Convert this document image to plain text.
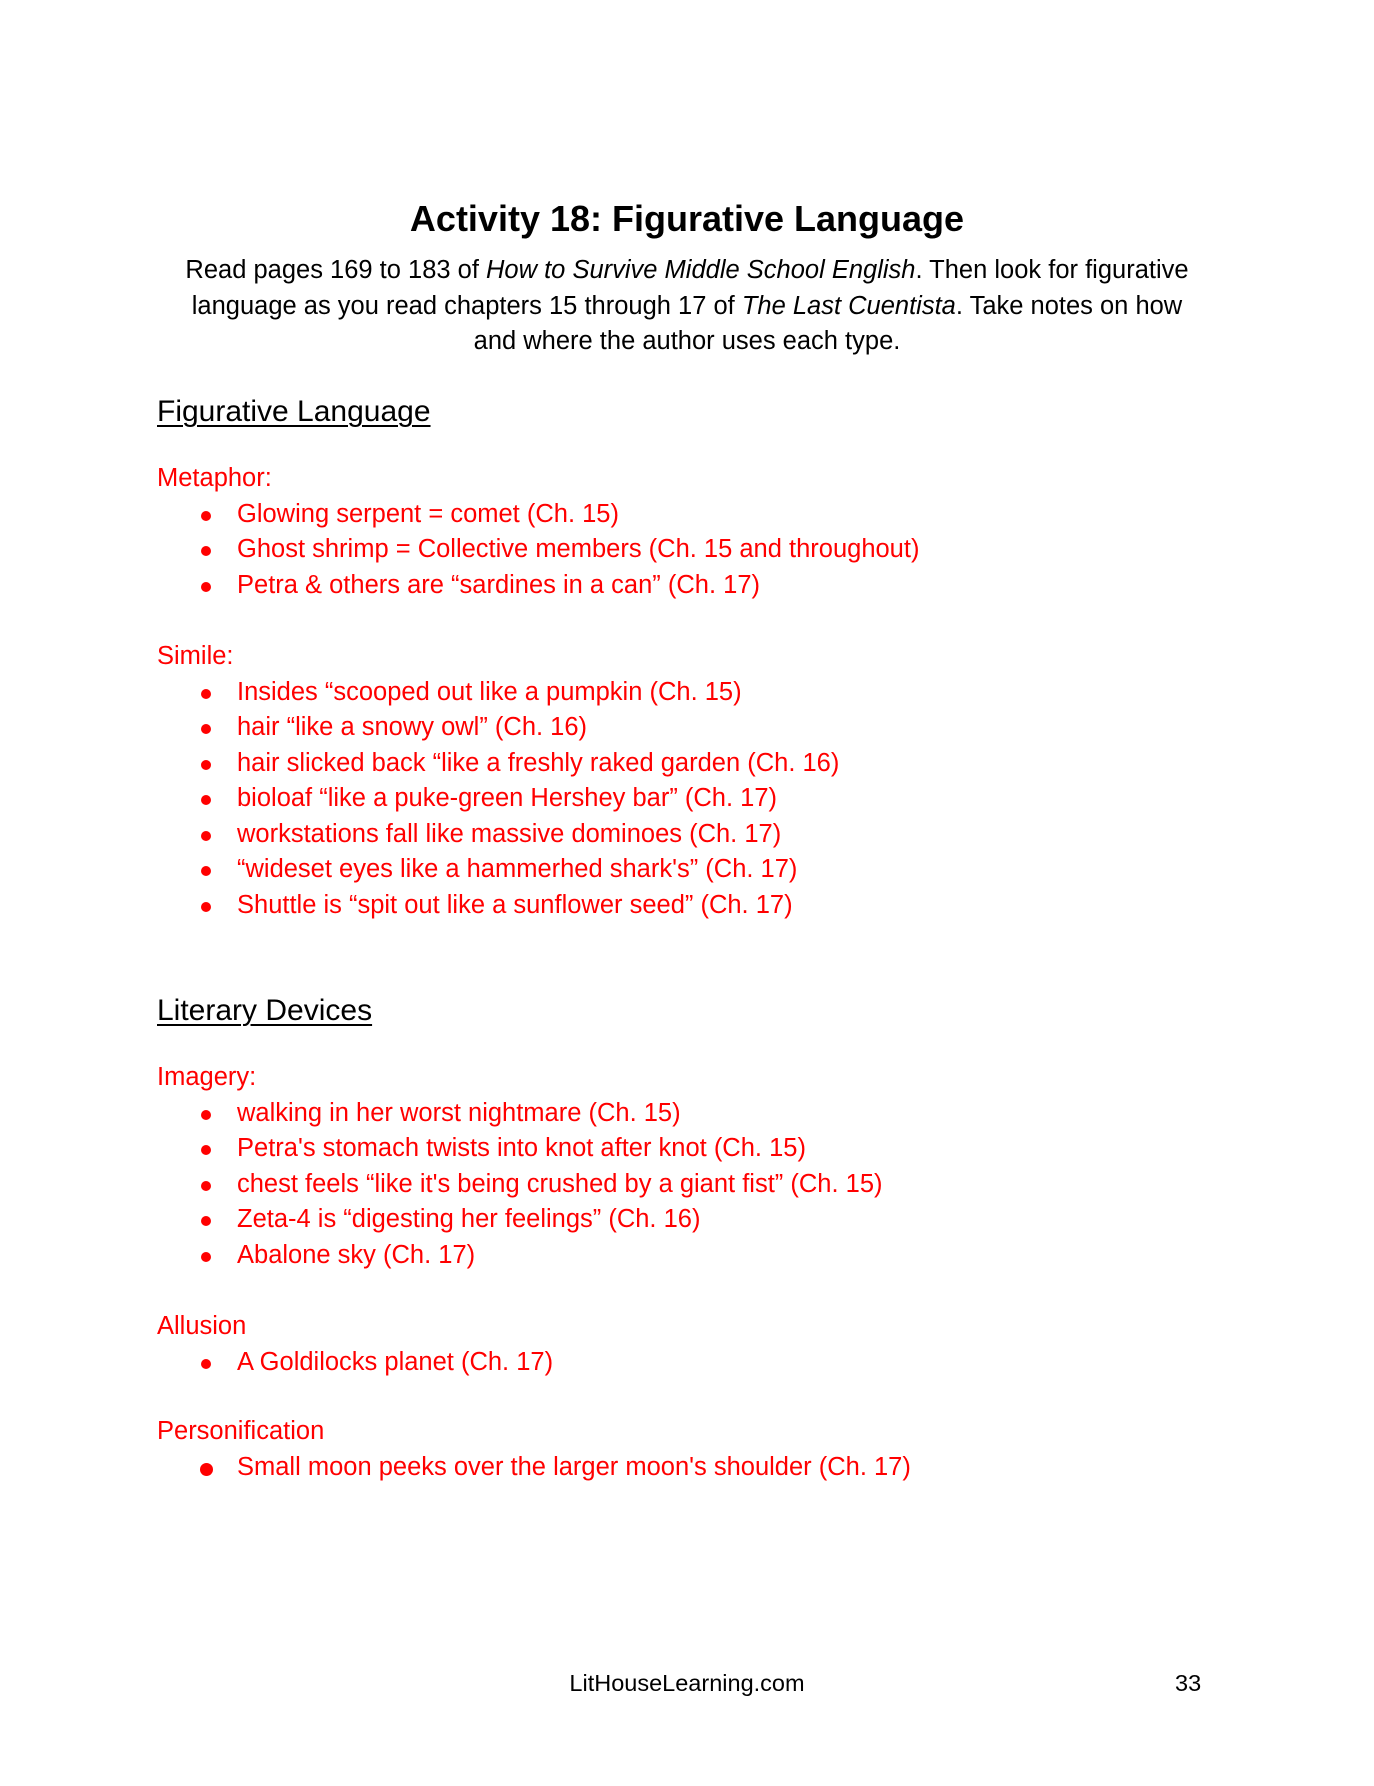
Activity 18: Figurative Language

Read pages 169 to 183 of How to Survive Middle School English. Then look for figurative language as you read chapters 15 through 17 of The Last Cuentista. Take notes on how and where the author uses each type.

Figurative Language
Metaphor:
Glowing serpent = comet (Ch. 15)
Ghost shrimp = Collective members (Ch. 15 and throughout)
Petra & others are “sardines in a can” (Ch. 17)
Simile:
Insides “scooped out like a pumpkin (Ch. 15)
hair “like a snowy owl” (Ch. 16)
hair slicked back “like a freshly raked garden (Ch. 16)
bioloaf “like a puke-green Hershey bar” (Ch. 17)
workstations fall like massive dominoes (Ch. 17)
“wideset eyes like a hammerhed shark's” (Ch. 17)
Shuttle is “spit out like a sunflower seed” (Ch. 17)
Literary Devices
Imagery:
walking in her worst nightmare (Ch. 15)
Petra's stomach twists into knot after knot (Ch. 15)
chest feels “like it's being crushed by a giant fist” (Ch. 15)
Zeta-4 is “digesting her feelings” (Ch. 16)
Abalone sky (Ch. 17)
Allusion
A Goldilocks planet (Ch. 17)
Personification
Small moon peeks over the larger moon's shoulder (Ch. 17)
LitHouseLearning.com	33
